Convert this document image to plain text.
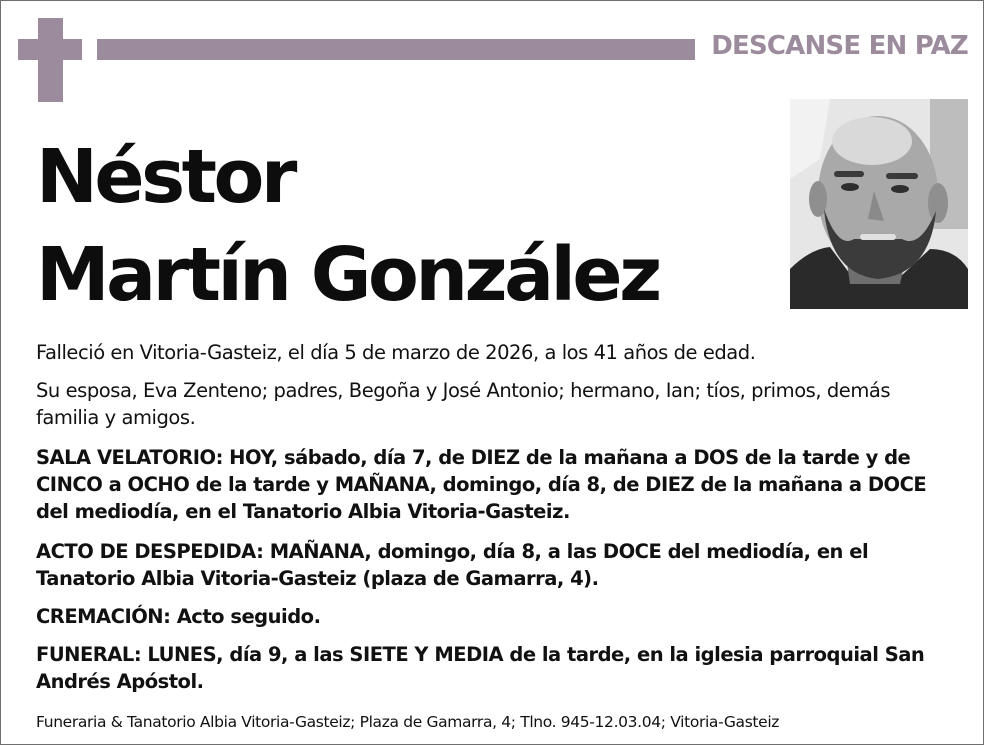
DESCANSE EN PAZ
Néstor
Martín González
Falleció en Vitoria-Gasteiz, el día 5 de marzo de 2026, a los 41 años de edad.
Su esposa, Eva Zenteno; padres, Begoña y José Antonio; hermano, Ian; tíos, primos, demás familia y amigos.
SALA VELATORIO: HOY, sábado, día 7, de DIEZ de la mañana a DOS de la tarde y de CINCO a OCHO de la tarde y MAÑANA, domingo, día 8, de DIEZ de la mañana a DOCE del mediodía, en el Tanatorio Albia Vitoria-Gasteiz.
ACTO DE DESPEDIDA: MAÑANA, domingo, día 8, a las DOCE del mediodía, en el Tanatorio Albia Vitoria-Gasteiz (plaza de Gamarra, 4).
CREMACIÓN: Acto seguido.
FUNERAL: LUNES, día 9, a las SIETE Y MEDIA de la tarde, en la iglesia parroquial San Andrés Apóstol.
Funeraria & Tanatorio Albia Vitoria-Gasteiz; Plaza de Gamarra, 4; Tlno. 945-12.03.04; Vitoria-Gasteiz
